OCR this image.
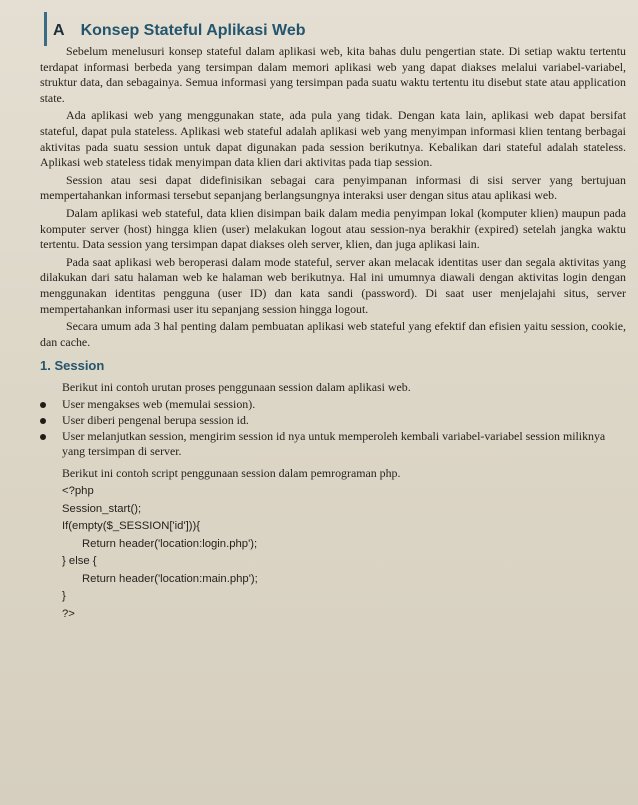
A Konsep Stateful Aplikasi Web

Sebelum menelusuri konsep stateful dalam aplikasi web, kita bahas dulu pengertian state. Di setiap waktu tertentu terdapat informasi berbeda yang tersimpan dalam memori aplikasi web yang dapat diakses melalui variabel-variabel, struktur data, dan sebagainya. Semua informasi yang tersimpan pada suatu waktu tertentu itu disebut state atau application state.

Ada aplikasi web yang menggunakan state, ada pula yang tidak. Dengan kata lain, aplikasi web dapat bersifat stateful, dapat pula stateless. Aplikasi web stateful adalah aplikasi web yang menyimpan informasi klien tentang berbagai aktivitas pada suatu session untuk dapat digunakan pada session berikutnya. Kebalikan dari stateful adalah stateless. Aplikasi web stateless tidak menyimpan data klien dari aktivitas pada tiap session.

Session atau sesi dapat didefinisikan sebagai cara penyimpanan informasi di sisi server yang bertujuan mempertahankan informasi tersebut sepanjang berlangsungnya interaksi user dengan situs atau aplikasi web.

Dalam aplikasi web stateful, data klien disimpan baik dalam media penyimpan lokal (komputer klien) maupun pada komputer server (host) hingga klien (user) melakukan logout atau session-nya berakhir (expired) setelah jangka waktu tertentu. Data session yang tersimpan dapat diakses oleh server, klien, dan juga aplikasi lain.

Pada saat aplikasi web beroperasi dalam mode stateful, server akan melacak identitas user dan segala aktivitas yang dilakukan dari satu halaman web ke halaman web berikutnya. Hal ini umumnya diawali dengan aktivitas login dengan menggunakan identitas pengguna (user ID) dan kata sandi (password). Di saat user menjelajahi situs, server mempertahankan informasi user itu sepanjang session hingga logout.

Secara umum ada 3 hal penting dalam pembuatan aplikasi web stateful yang efektif dan efisien yaitu session, cookie, dan cache.

1. Session

Berikut ini contoh urutan proses penggunaan session dalam aplikasi web.

User mengakses web (memulai session).
User diberi pengenal berupa session id.
User melanjutkan session, mengirim session id nya untuk memperoleh kembali variabel-variabel session miliknya yang tersimpan di server.

Berikut ini contoh script penggunaan session dalam pemrograman php.

<?php
Session_start();
If(empty($_SESSION['id'])){
Return header('location:login.php');
} else {
Return header('location:main.php');
}
?>
